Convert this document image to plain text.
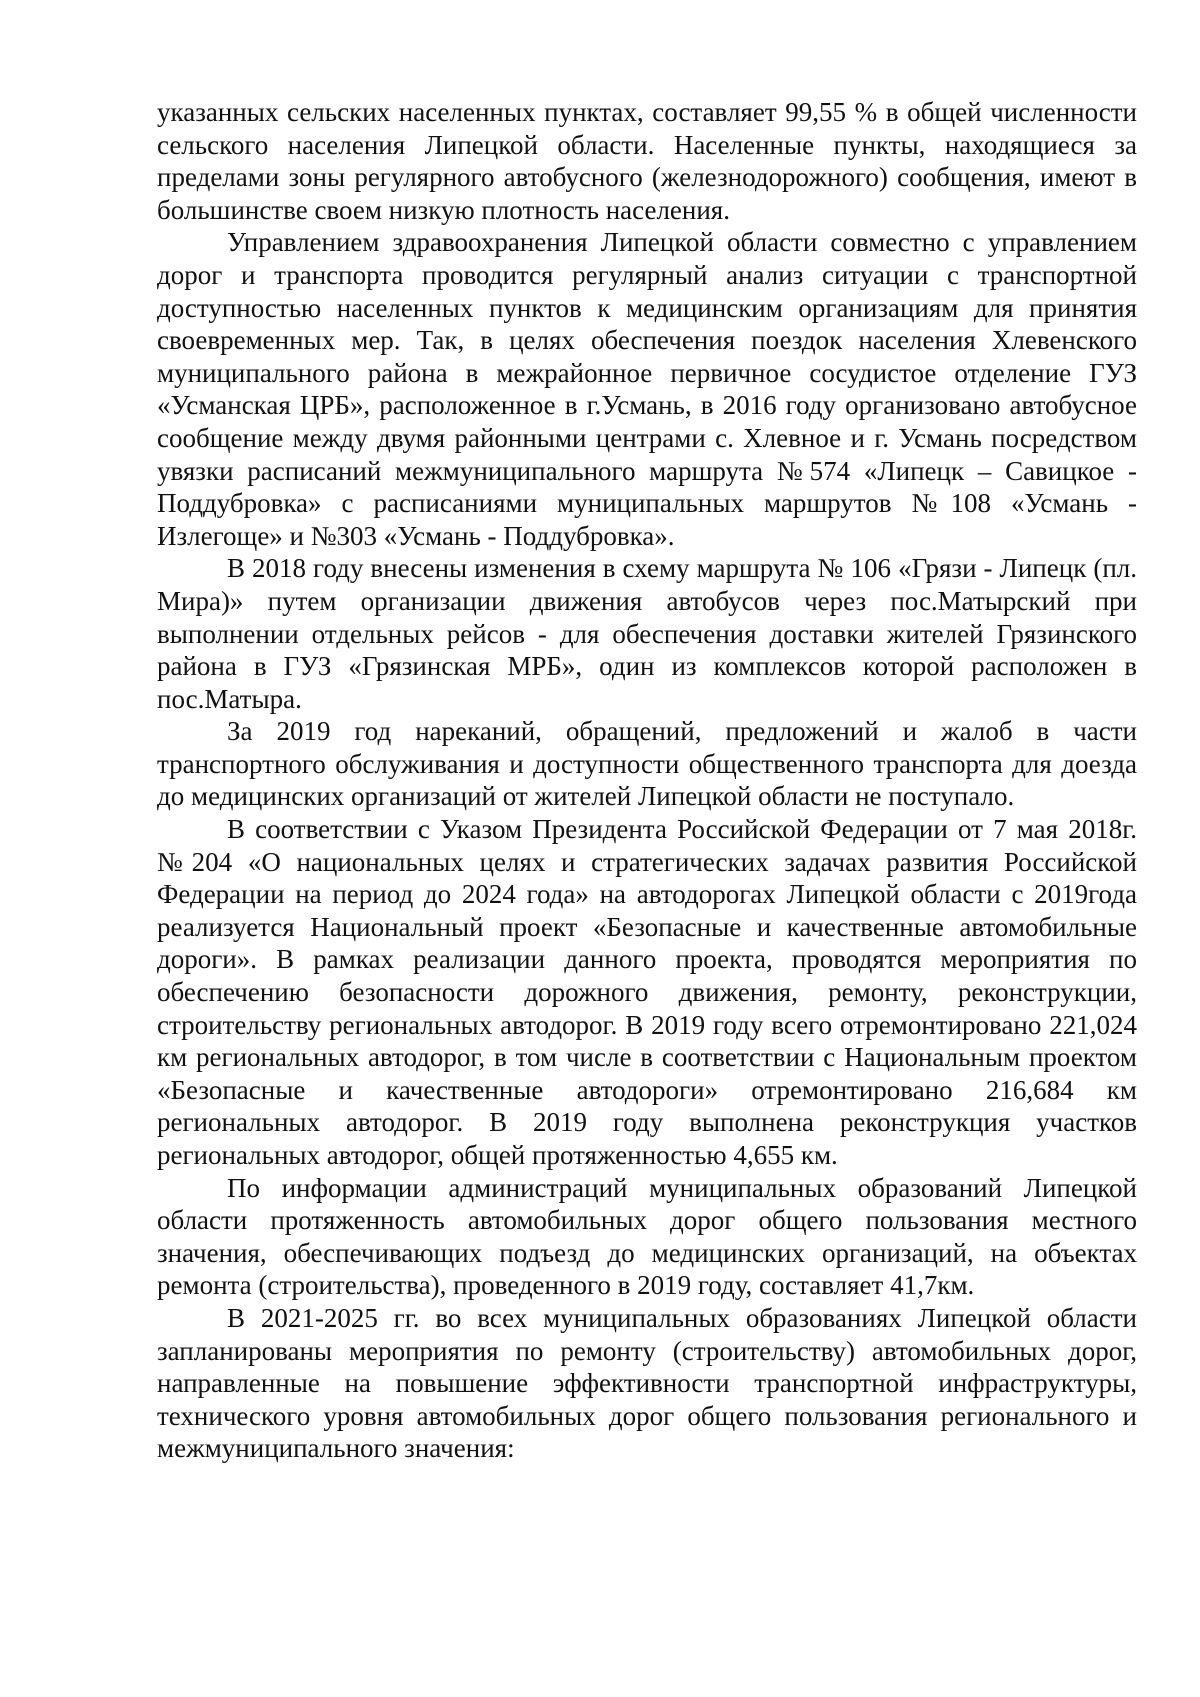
указанных сельских населенных пунктах, составляет 99,55 % в общей численности сельского населения Липецкой области. Населенные пункты, находящиеся за пределами зоны регулярного автобусного (железнодорожного) сообщения, имеют в большинстве своем низкую плотность населения.

Управлением здравоохранения Липецкой области совместно с управлением дорог и транспорта проводится регулярный анализ ситуации с транспортной доступностью населенных пунктов к медицинским организациям для принятия своевременных мер. Так, в целях обеспечения поездок населения Хлевенского муниципального района в межрайонное первичное сосудистое отделение ГУЗ «Усманская ЦРБ», расположенное в г.Усмань, в 2016 году организовано автобусное сообщение между двумя районными центрами с. Хлевное и г. Усмань посредством увязки расписаний межмуниципального маршрута №574 «Липецк – Савицкое - Поддубровка» с расписаниями муниципальных маршрутов №108 «Усмань - Излегоще» и №303 «Усмань - Поддубровка».

В 2018 году внесены изменения в схему маршрута № 106 «Грязи - Липецк (пл. Мира)» путем организации движения автобусов через пос.Матырский при выполнении отдельных рейсов - для обеспечения доставки жителей Грязинского района в ГУЗ «Грязинская МРБ», один из комплексов которой расположен в пос.Матыра.

За 2019 год нареканий, обращений, предложений и жалоб в части транспортного обслуживания и доступности общественного транспорта для доезда до медицинских организаций от жителей Липецкой области не поступало.

В соответствии с Указом Президента Российской Федерации от 7 мая 2018г. №204 «О национальных целях и стратегических задачах развития Российской Федерации на период до 2024 года» на автодорогах Липецкой области с 2019года реализуется Национальный проект «Безопасные и качественные автомобильные дороги». В рамках реализации данного проекта, проводятся мероприятия по обеспечению безопасности дорожного движения, ремонту, реконструкции, строительству региональных автодорог. В 2019 году всего отремонтировано 221,024 км региональных автодорог, в том числе в соответствии с Национальным проектом «Безопасные и качественные автодороги» отремонтировано 216,684 км региональных автодорог. В 2019 году выполнена реконструкция участков региональных автодорог, общей протяженностью 4,655 км.

По информации администраций муниципальных образований Липецкой области протяженность автомобильных дорог общего пользования местного значения, обеспечивающих подъезд до медицинских организаций, на объектах ремонта (строительства), проведенного в 2019 году, составляет 41,7км.

В 2021-2025 гг. во всех муниципальных образованиях Липецкой области запланированы мероприятия по ремонту (строительству) автомобильных дорог, направленные на повышение эффективности транспортной инфраструктуры, технического уровня автомобильных дорог общего пользования регионального и межмуниципального значения:
